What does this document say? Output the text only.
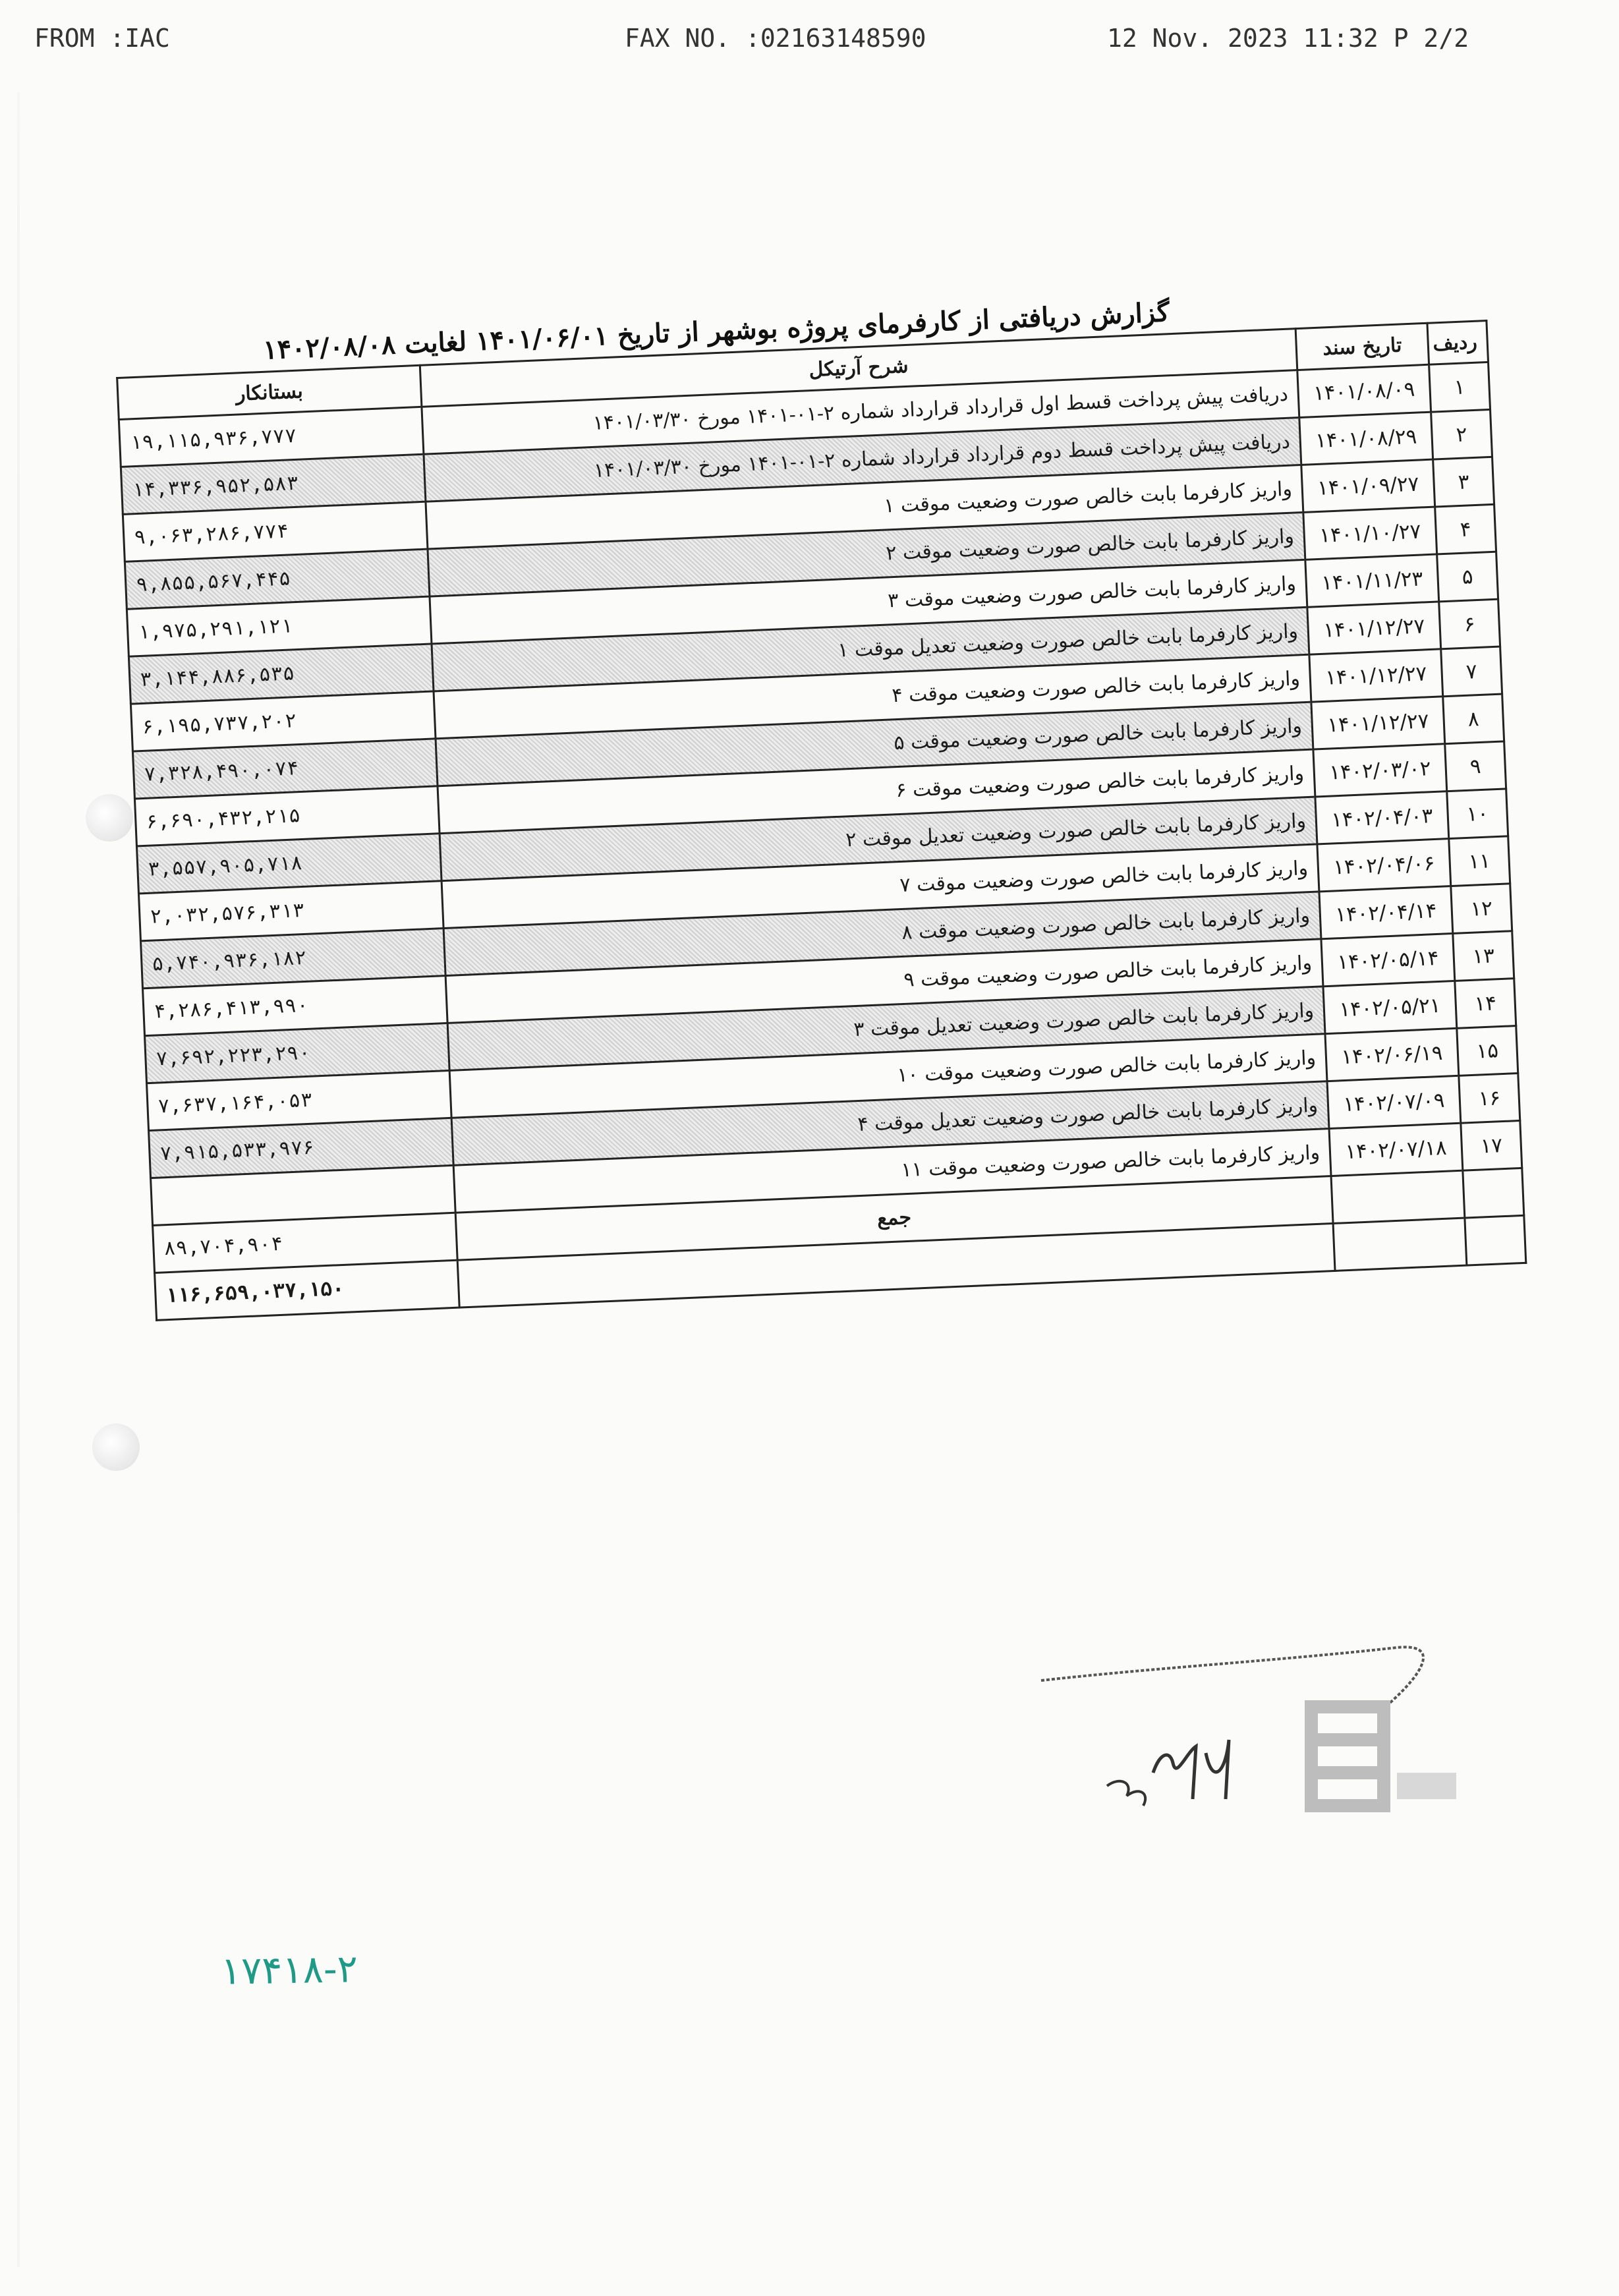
FROM :IAC	FAX NO. :02163148590	12 Nov. 2023 11:32 P 2/2
گزارش دریافتی از کارفرمای پروژه بوشهر از تاریخ ۱۴۰۱/۰۶/۰۱ لغایت ۱۴۰۲/۰۸/۰۸	ردیف	تاریخ سند	شرح آرتیکل	بستانکار
۱	۱۴۰۱/۰۸/۰۹	دریافت پیش پرداخت قسط اول قرارداد قرارداد شماره ۲-۰۱-۱۴۰۱ مورخ ۱۴۰۱/۰۳/۳۰	۱۹,۱۱۵,۹۳۶,۷۷۷
۲	۱۴۰۱/۰۸/۲۹	دریافت پیش پرداخت قسط دوم قرارداد قرارداد شماره ۲-۰۱-۱۴۰۱ مورخ ۱۴۰۱/۰۳/۳۰	۱۴,۳۳۶,۹۵۲,۵۸۳
۳	۱۴۰۱/۰۹/۲۷	واریز کارفرما بابت خالص صورت وضعیت موقت ۱	۹,۰۶۳,۲۸۶,۷۷۴
۴	۱۴۰۱/۱۰/۲۷	واریز کارفرما بابت خالص صورت وضعیت موقت ۲	۹,۸۵۵,۵۶۷,۴۴۵
۵	۱۴۰۱/۱۱/۲۳	واریز کارفرما بابت خالص صورت وضعیت موقت ۳	۱,۹۷۵,۲۹۱,۱۲۱
۶	۱۴۰۱/۱۲/۲۷	واریز کارفرما بابت خالص صورت وضعیت تعدیل موقت ۱	۳,۱۴۴,۸۸۶,۵۳۵
۷	۱۴۰۱/۱۲/۲۷	واریز کارفرما بابت خالص صورت وضعیت موقت ۴	۶,۱۹۵,۷۳۷,۲۰۲
۸	۱۴۰۱/۱۲/۲۷	واریز کارفرما بابت خالص صورت وضعیت موقت ۵	۷,۳۲۸,۴۹۰,۰۷۴
۹	۱۴۰۲/۰۳/۰۲	واریز کارفرما بابت خالص صورت وضعیت موقت ۶	۶,۶۹۰,۴۳۲,۲۱۵
۱۰	۱۴۰۲/۰۴/۰۳	واریز کارفرما بابت خالص صورت وضعیت تعدیل موقت ۲	۳,۵۵۷,۹۰۵,۷۱۸
۱۱	۱۴۰۲/۰۴/۰۶	واریز کارفرما بابت خالص صورت وضعیت موقت ۷	۲,۰۳۲,۵۷۶,۳۱۳
۱۲	۱۴۰۲/۰۴/۱۴	واریز کارفرما بابت خالص صورت وضعیت موقت ۸	۵,۷۴۰,۹۳۶,۱۸۲
۱۳	۱۴۰۲/۰۵/۱۴	واریز کارفرما بابت خالص صورت وضعیت موقت ۹	۴,۲۸۶,۴۱۳,۹۹۰
۱۴	۱۴۰۲/۰۵/۲۱	واریز کارفرما بابت خالص صورت وضعیت تعدیل موقت ۳	۷,۶۹۲,۲۲۳,۲۹۰
۱۵	۱۴۰۲/۰۶/۱۹	واریز کارفرما بابت خالص صورت وضعیت موقت ۱۰	۷,۶۳۷,۱۶۴,۰۵۳
۱۶	۱۴۰۲/۰۷/۰۹	واریز کارفرما بابت خالص صورت وضعیت تعدیل موقت ۴	۷,۹۱۵,۵۳۳,۹۷۶
۱۷	۱۴۰۲/۰۷/۱۸	واریز کارفرما بابت خالص صورت وضعیت موقت ۱۱	
		جمع	۸۹,۷۰۴,۹۰۴
			۱۱۶,۶۵۹,۰۳۷,۱۵۰
۱۷۴۱۸-۲
